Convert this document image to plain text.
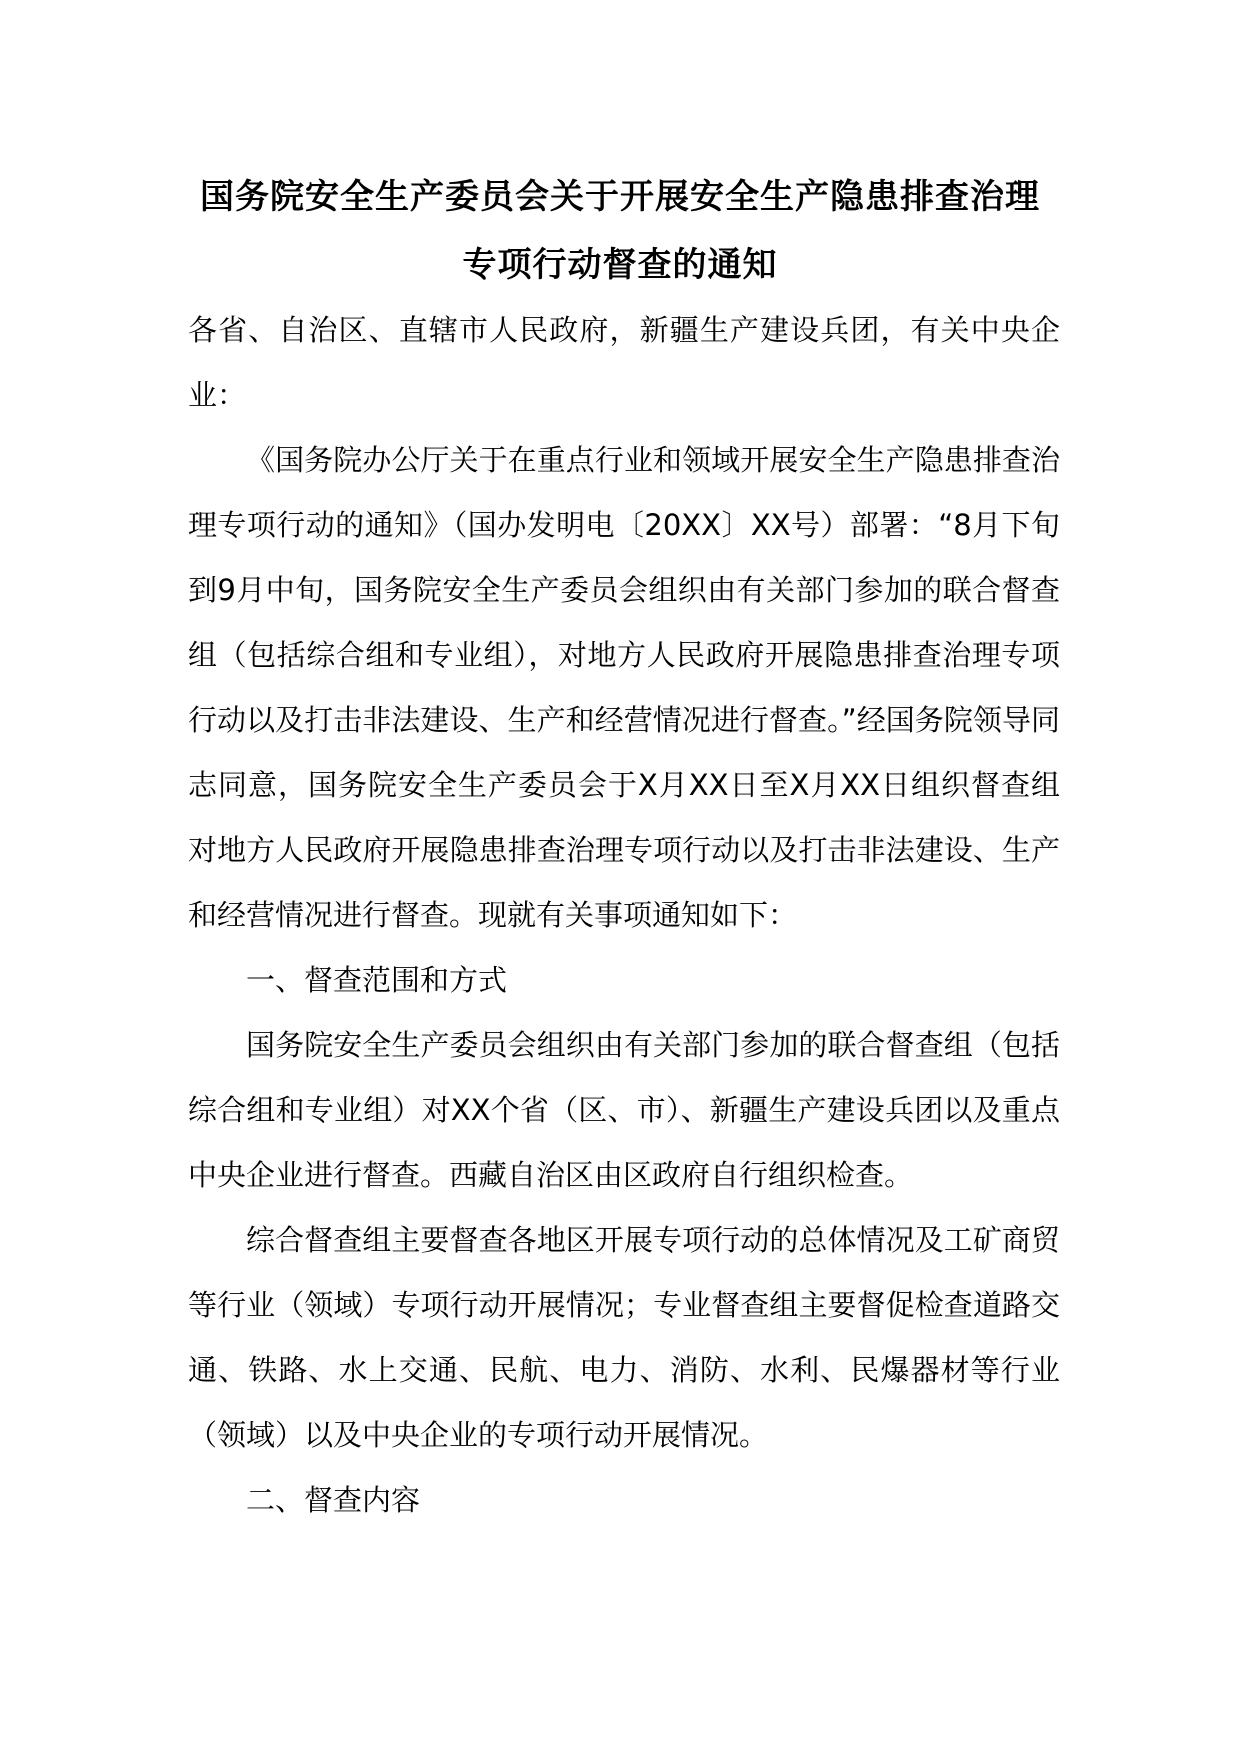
国务院安全生产委员会关于开展安全生产隐患排查治理
专项行动督查的通知

各省、自治区、直辖市人民政府，新疆生产建设兵团，有关中央企业：

《国务院办公厅关于在重点行业和领域开展安全生产隐患排查治理专项行动的通知》（国办发明电〔20XX〕XX号）部署：“8月下旬到9月中旬，国务院安全生产委员会组织由有关部门参加的联合督查组（包括综合组和专业组），对地方人民政府开展隐患排查治理专项行动以及打击非法建设、生产和经营情况进行督查。”经国务院领导同志同意，国务院安全生产委员会于X月XX日至X月XX日组织督查组对地方人民政府开展隐患排查治理专项行动以及打击非法建设、生产和经营情况进行督查。现就有关事项通知如下：

一、督查范围和方式

国务院安全生产委员会组织由有关部门参加的联合督查组（包括综合组和专业组）对XX个省（区、市）、新疆生产建设兵团以及重点中央企业进行督查。西藏自治区由区政府自行组织检查。

综合督查组主要督查各地区开展专项行动的总体情况及工矿商贸等行业（领域）专项行动开展情况；专业督查组主要督促检查道路交通、铁路、水上交通、民航、电力、消防、水利、民爆器材等行业（领域）以及中央企业的专项行动开展情况。

二、督查内容
